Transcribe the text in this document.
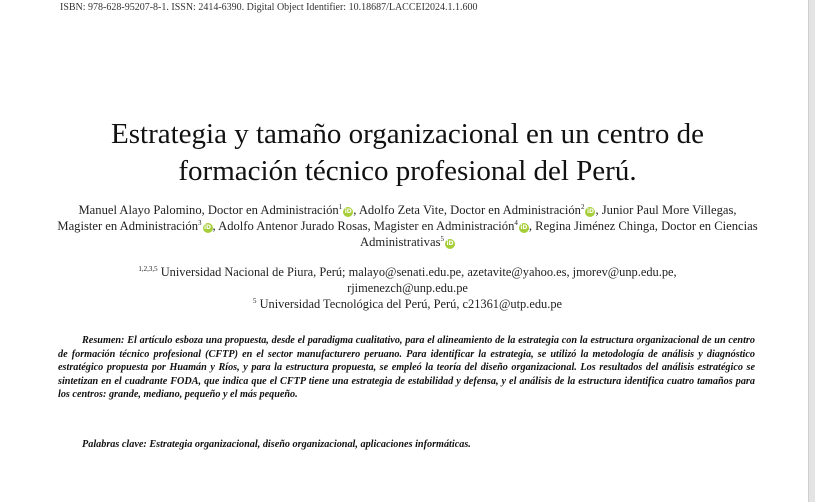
ISBN: 978-628-95207-8-1. ISSN: 2414-6390. Digital Object Identifier: 10.18687/LACCEI2024.1.1.600
Estrategia y tamaño organizacional en un centro de
formación técnico profesional del Perú.
Manuel Alayo Palomino, Doctor en Administración$^1$iD, Adolfo Zeta Vite, Doctor en Administración$^2$iD, Junior Paul More Villegas, Magister en Administración$^3$iD, Adolfo Antenor Jurado Rosas, Magister en Administración$^4$iD, Regina Jiménez Chinga, Doctor en Ciencias Administrativas$^5$iD
$^{1,2,3,5}$ Universidad Nacional de Piura, Perú; malayo@senati.edu.pe, azetavite@yahoo.es, jmorev@unp.edu.pe, rjimenezch@unp.edu.pe
$^5$ Universidad Tecnológica del Perú, Perú, c21361@utp.edu.pe
Resumen: El artículo esboza una propuesta, desde el paradigma cualitativo, para el alineamiento de la estrategia con la estructura organizacional de un centro de formación técnico profesional (CFTP) en el sector manufacturero peruano. Para identificar la estrategia, se utilizó la metodología de análisis y diagnóstico estratégico propuesta por Huamán y Ríos, y para la estructura propuesta, se empleó la teoría del diseño organizacional. Los resultados del análisis estratégico se sintetizan en el cuadrante FODA, que indica que el CFTP tiene una estrategia de estabilidad y defensa, y el análisis de la estructura identifica cuatro tamaños para los centros: grande, mediano, pequeño y el más pequeño.
Palabras clave: Estrategia organizacional, diseño organizacional, aplicaciones informáticas.
